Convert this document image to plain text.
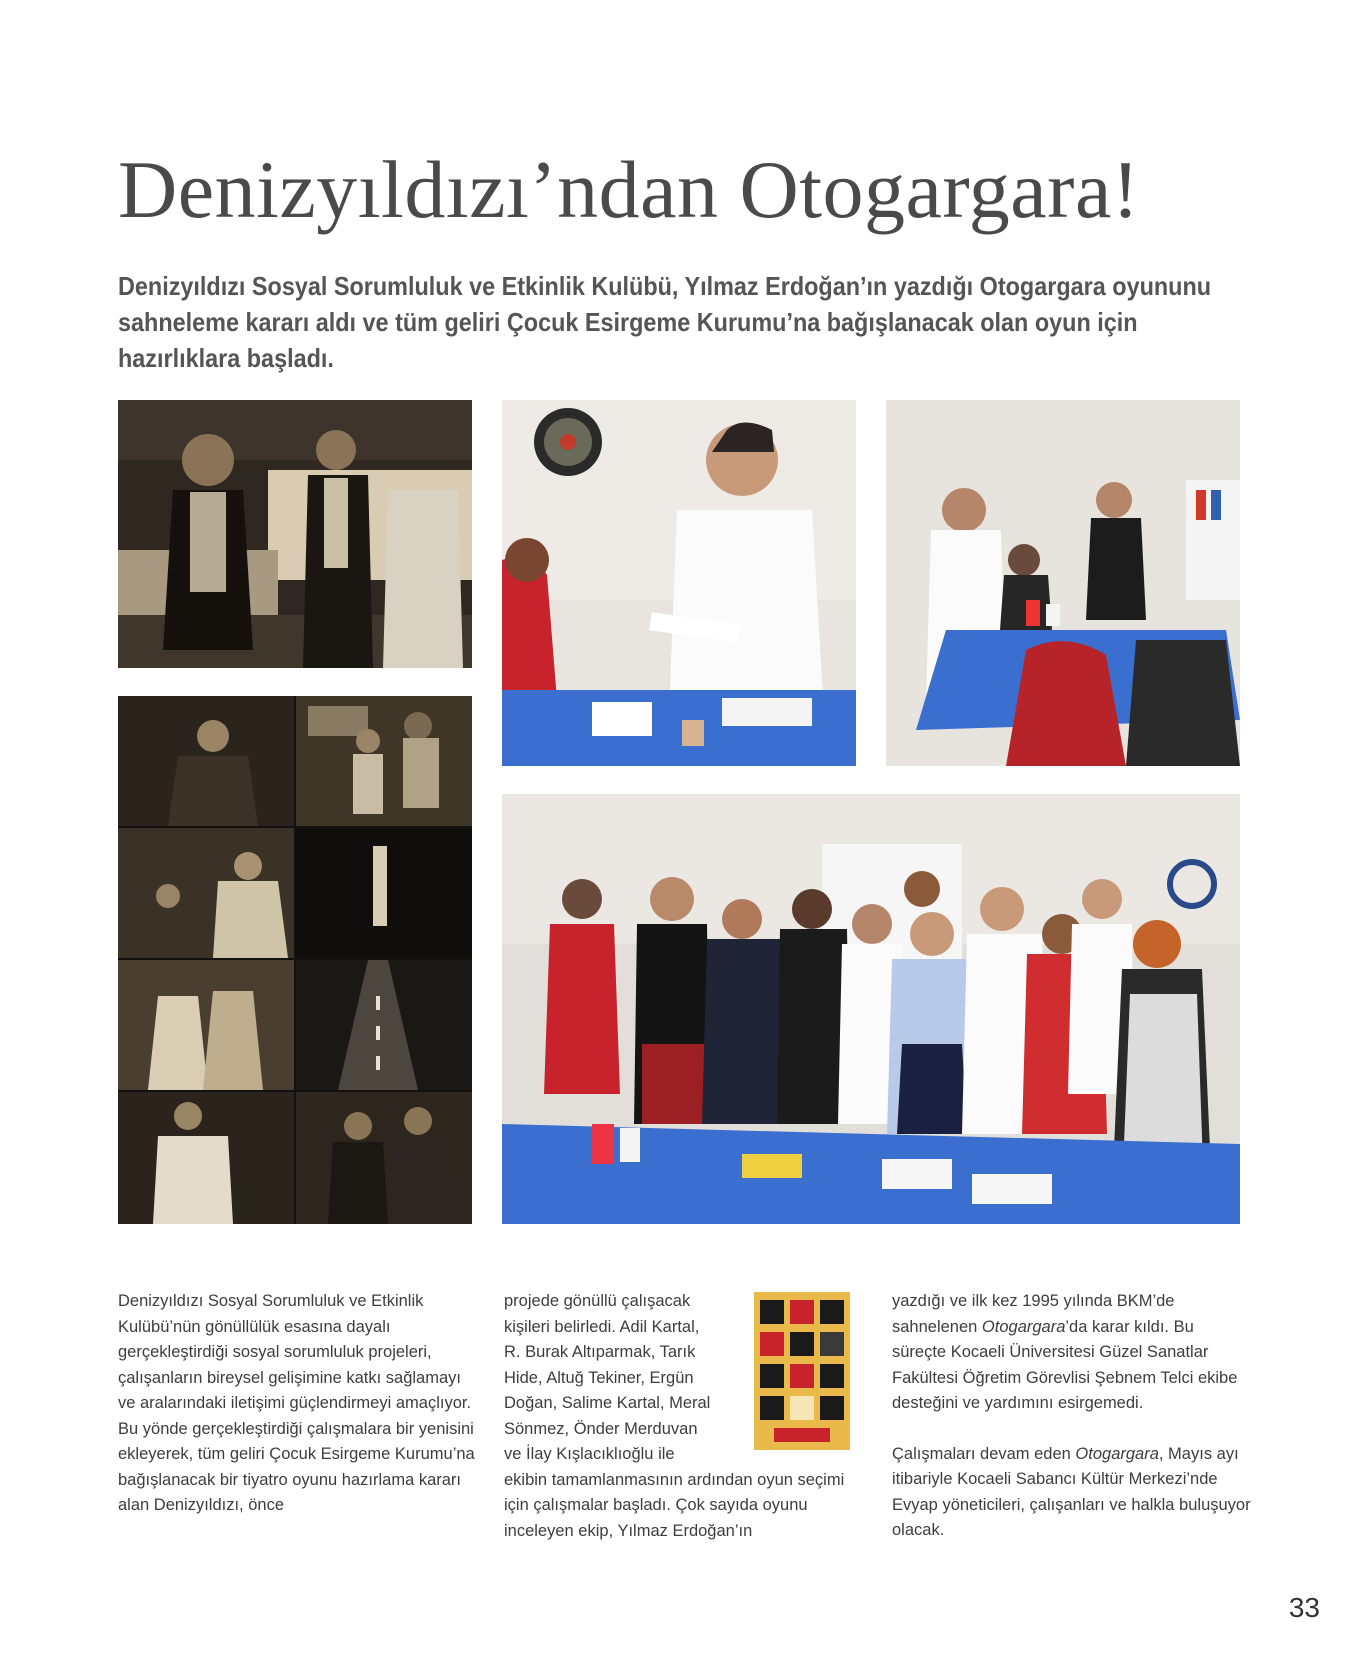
Denizyıldızı’ndan Otogargara!
Denizyıldızı Sosyal Sorumluluk ve Etkinlik Kulübü, Yılmaz Erdoğan’ın yazdığı Otogargara oyununu sahneleme kararı aldı ve tüm geliri Çocuk Esirgeme Kurumu’na bağışlanacak olan oyun için hazırlıklara başladı.

Denizyıldızı Sosyal Sorumluluk ve Etkinlik Kulübü’nün gönüllülük esasına dayalı gerçekleştirdiği sosyal sorumluluk projeleri, çalışanların bireysel gelişimine katkı sağlamayı ve aralarındaki iletişimi güçlendirmeyi amaçlıyor. Bu yönde gerçekleştirdiği çalışmalara bir yenisini ekleyerek, tüm geliri Çocuk Esirgeme Kurumu’na bağışlanacak bir tiyatro oyunu hazırlama kararı alan Denizyıldızı, önce

projede gönüllü çalışacak
kişileri belirledi. Adil Kartal,
R. Burak Altıparmak, Tarık
Hide, Altuğ Tekiner, Ergün
Doğan, Salime Kartal, Meral
Sönmez, Önder Merduvan
ve İlay Kışlacıklıoğlu ile
ekibin tamamlanmasının ardından oyun seçimi için çalışmalar başladı. Çok sayıda oyunu inceleyen ekip, Yılmaz Erdoğan’ın

yazdığı ve ilk kez 1995 yılında BKM’de sahnelenen Otogargara’da karar kıldı. Bu süreçte Kocaeli Üniversitesi Güzel Sanatlar Fakültesi Öğretim Görevlisi Şebnem Telci ekibe desteğini ve yardımını esirgemedi.

Çalışmaları devam eden Otogargara, Mayıs ayı itibariyle Kocaeli Sabancı Kültür Merkezi’nde Evyap yöneticileri, çalışanları ve halkla buluşuyor olacak.

33
